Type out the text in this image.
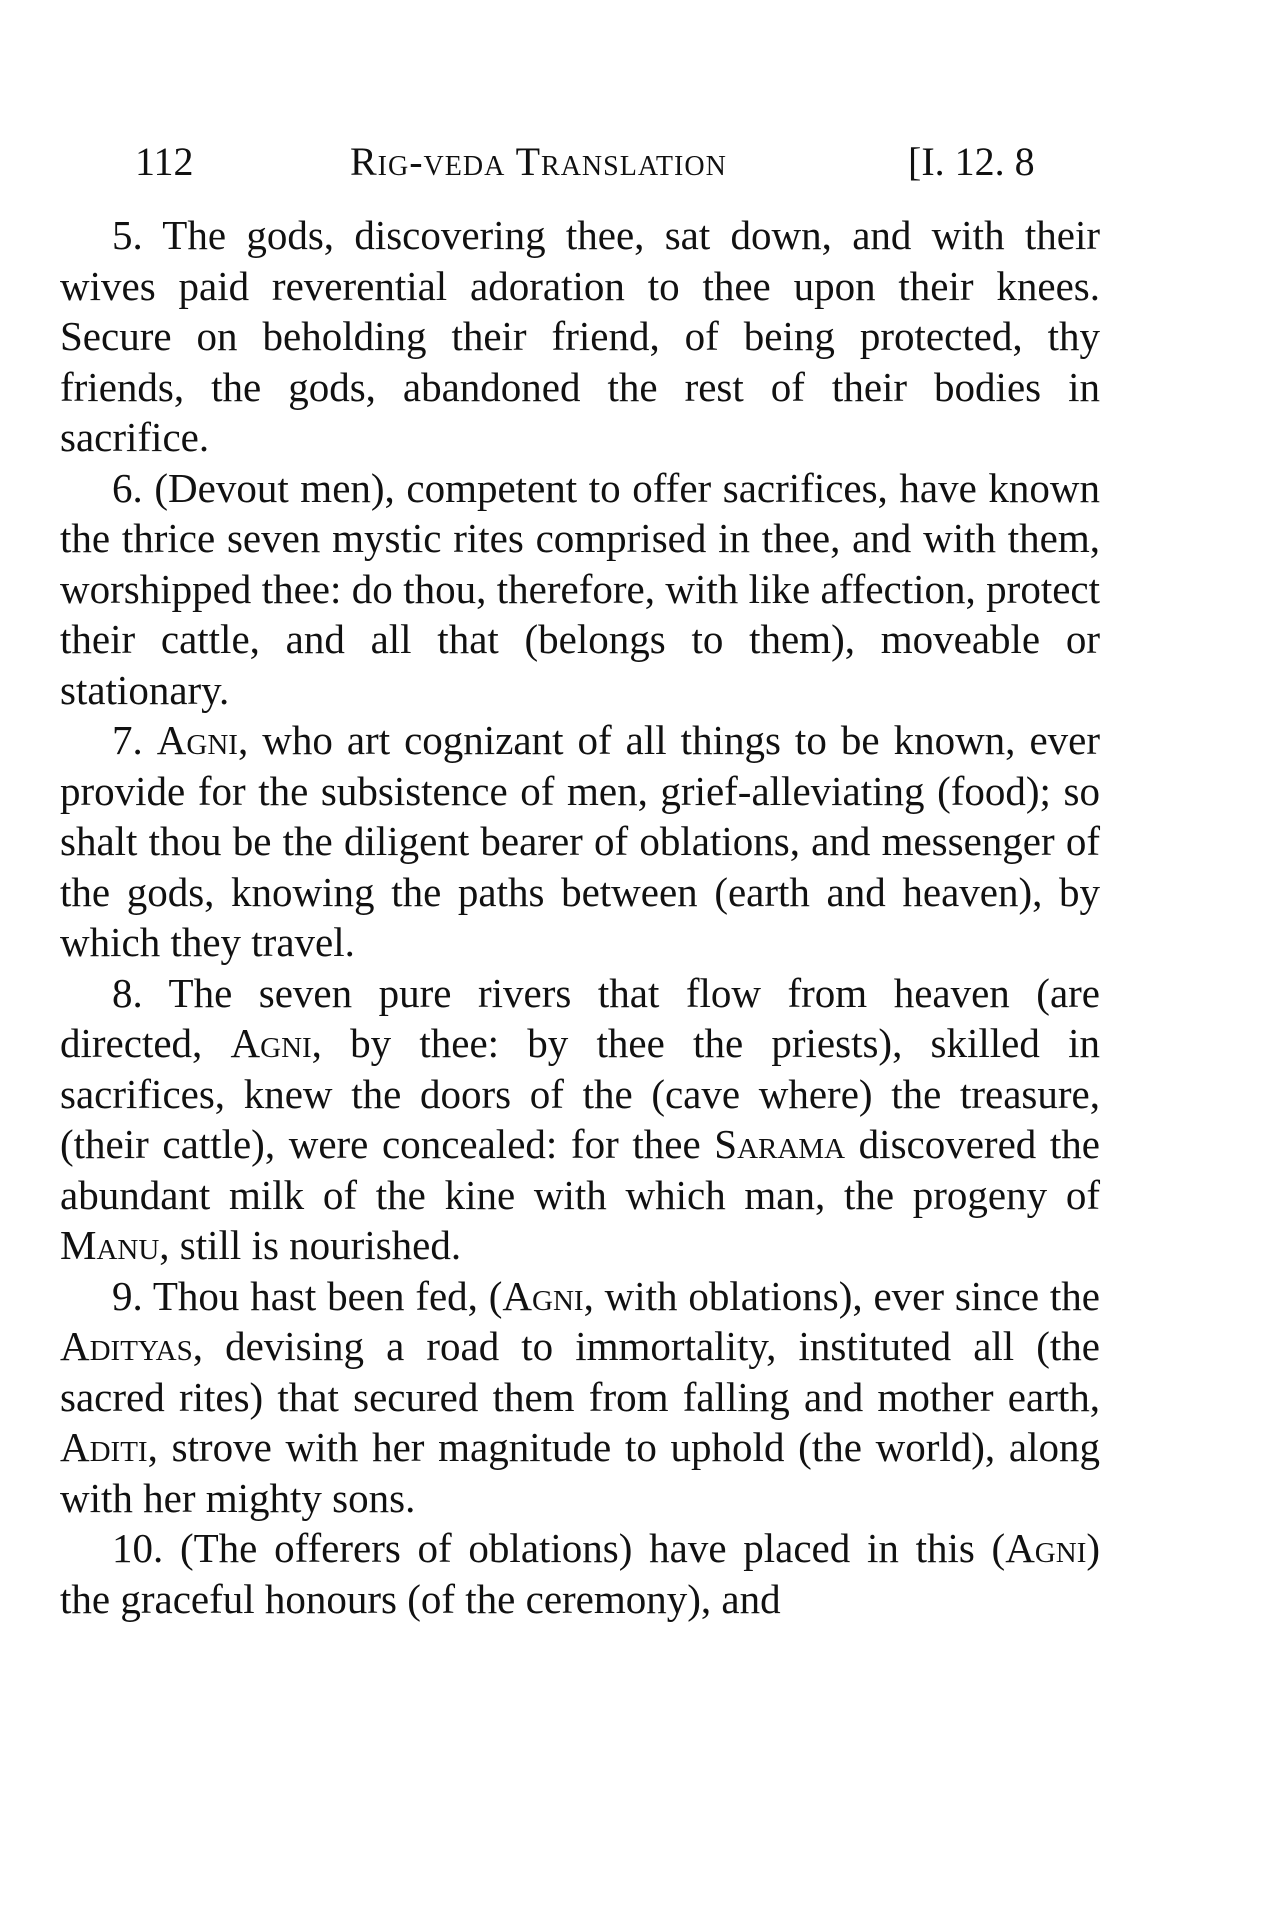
112	Rig-veda Translation	[I. 12. 8

5. The gods, discovering thee, sat down, and with their wives paid reverential adoration to thee upon their knees. Secure on beholding their friend, of being protected, thy friends, the gods, abandoned the rest of their bodies in sacrifice.

6. (Devout men), competent to offer sacrifices, have known the thrice seven mystic rites comprised in thee, and with them, worshipped thee: do thou, therefore, with like affection, protect their cattle, and all that (belongs to them), moveable or stationary.

7. Agni, who art cognizant of all things to be known, ever provide for the subsistence of men, grief-alleviating (food); so shalt thou be the diligent bearer of oblations, and messenger of the gods, knowing the paths between (earth and heaven), by which they travel.

8. The seven pure rivers that flow from heaven (are directed, Agni, by thee: by thee the priests), skilled in sacrifices, knew the doors of the (cave where) the treasure, (their cattle), were concealed: for thee Sarama discovered the abundant milk of the kine with which man, the progeny of Manu, still is nourished.

9. Thou hast been fed, (Agni, with oblations), ever since the Adityas, devising a road to immortality, instituted all (the sacred rites) that secured them from falling and mother earth, Aditi, strove with her magnitude to uphold (the world), along with her mighty sons.

10. (The offerers of oblations) have placed in this (Agni) the graceful honours (of the ceremony), and
